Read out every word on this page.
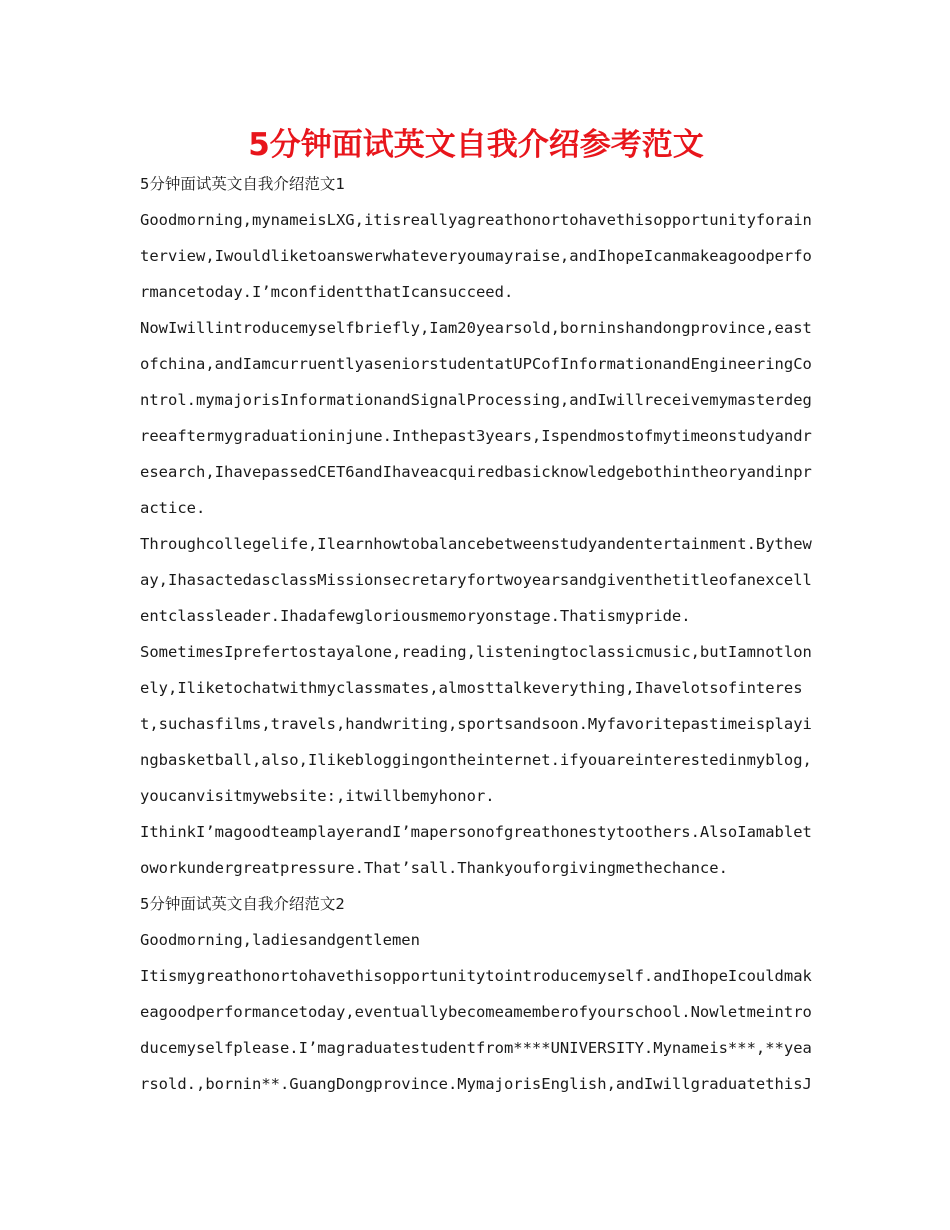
5分钟面试英文自我介绍参考范文

5分钟面试英文自我介绍范文1

Goodmorning,mynameisLXG,itisreallyagreathonortohavethisopportunityforainterview,Iwouldliketoanswerwhateveryoumayraise,andIhopeIcanmakeagoodperformancetoday.I’mconfidentthatIcansucceed.

NowIwillintroducemyselfbriefly,Iam20yearsold,borninshandongprovince,eastofchina,andIamcurruentlyaseniorstudentatUPCofInformationandEngineeringControl.mymajorisInformationandSignalProcessing,andIwillreceivemymasterdegreeaftermygraduationinjune.Inthepast3years,Ispendmostofmytimeonstudyandresearch,IhavepassedCET6andIhaveacquiredbasicknowledgebothintheoryandinpractice.

Throughcollegelife,Ilearnhowtobalancebetweenstudyandentertainment.Bytheway,IhasactedasclassMissionsecretaryfortwoyearsandgiventhetitleofanexcellentclassleader.Ihadafewgloriousmemoryonstage.Thatismypride.

SometimesIprefertostayalone,reading,listeningtoclassicmusic,butIamnotlonely,Iliketochatwithmyclassmates,almosttalkeverything,Ihavelotsofinterest,suchasfilms,travels,handwriting,sportsandsoon.Myfavoritepastimeisplayingbasketball,also,Ilikebloggingontheinternet.ifyouareinterestedinmyblog,youcanvisitmywebsite:,itwillbemyhonor.

IthinkI’magoodteamplayerandI’mapersonofgreathonestytoothers.AlsoIamabletoworkundergreatpressure.That’sall.Thankyouforgivingmethechance.

5分钟面试英文自我介绍范文2

Goodmorning,ladiesandgentlemen

Itismygreathonortohavethisopportunitytointroducemyself.andIhopeIcouldmakeagoodperformancetoday,eventuallybecomeamemberofyourschool.Nowletmeintroducemyselfplease.I’magraduatestudentfrom****UNIVERSITY.Mynameis***,**yearsold.,bornin**.GuangDongprovince.MymajorisEnglish,andIwillgraduatethisJ
